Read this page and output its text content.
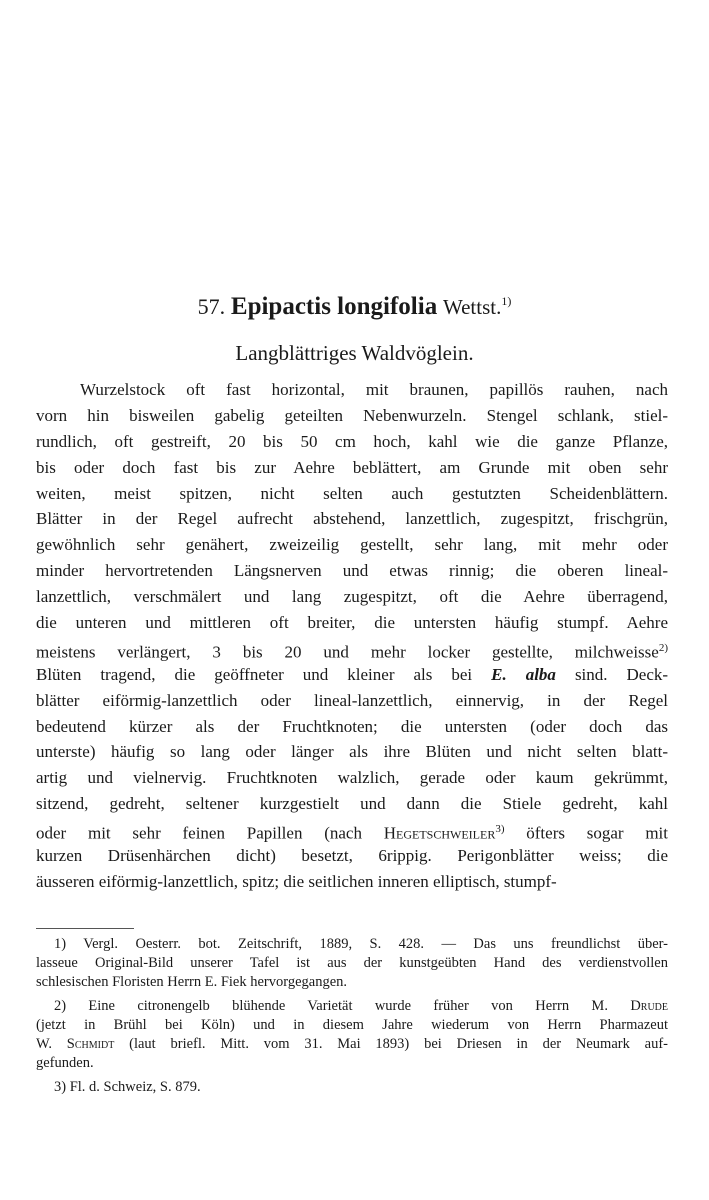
57. Epipactis longifolia Wettst.$^{1)}$
Langblättriges Waldvöglein.
Wurzelstock oft fast horizontal, mit braunen, papillös rauhen, nach
vorn hin bisweilen gabelig geteilten Nebenwurzeln. Stengel schlank, stiel-
rundlich, oft gestreift, 20 bis 50 cm hoch, kahl wie die ganze Pflanze,
bis oder doch fast bis zur Aehre beblättert, am Grunde mit oben sehr
weiten, meist spitzen, nicht selten auch gestutzten Scheidenblättern.
Blätter in der Regel aufrecht abstehend, lanzettlich, zugespitzt, frischgrün,
gewöhnlich sehr genähert, zweizeilig gestellt, sehr lang, mit mehr oder
minder hervortretenden Längsnerven und etwas rinnig; die oberen lineal-
lanzettlich, verschmälert und lang zugespitzt, oft die Aehre überragend,
die unteren und mittleren oft breiter, die untersten häufig stumpf. Aehre
meistens verlängert, 3 bis 20 und mehr locker gestellte, milchweisse$^{2)}$
Blüten tragend, die geöffneter und kleiner als bei E. alba sind. Deck-
blätter eiförmig-lanzettlich oder lineal-lanzettlich, einnervig, in der Regel
bedeutend kürzer als der Fruchtknoten; die untersten (oder doch das
unterste) häufig so lang oder länger als ihre Blüten und nicht selten blatt-
artig und vielnervig. Fruchtknoten walzlich, gerade oder kaum gekrümmt,
sitzend, gedreht, seltener kurzgestielt und dann die Stiele gedreht, kahl
oder mit sehr feinen Papillen (nach Hegetschweiler$^{3)}$ öfters sogar mit
kurzen Drüsenhärchen dicht) besetzt, 6rippig. Perigonblätter weiss; die
äusseren eiförmig-lanzettlich, spitz; die seitlichen inneren elliptisch, stumpf-
1) Vergl. Oesterr. bot. Zeitschrift, 1889, S. 428. — Das uns freundlichst über-
lasseue Original-Bild unserer Tafel ist aus der kunstgeübten Hand des verdienstvollen
schlesischen Floristen Herrn E. Fiek hervorgegangen.
2) Eine citronengelb blühende Varietät wurde früher von Herrn M. Drude
(jetzt in Brühl bei Köln) und in diesem Jahre wiederum von Herrn Pharmazeut
W. Schmidt (laut briefl. Mitt. vom 31. Mai 1893) bei Driesen in der Neumark auf-
gefunden.
3) Fl. d. Schweiz, S. 879.
